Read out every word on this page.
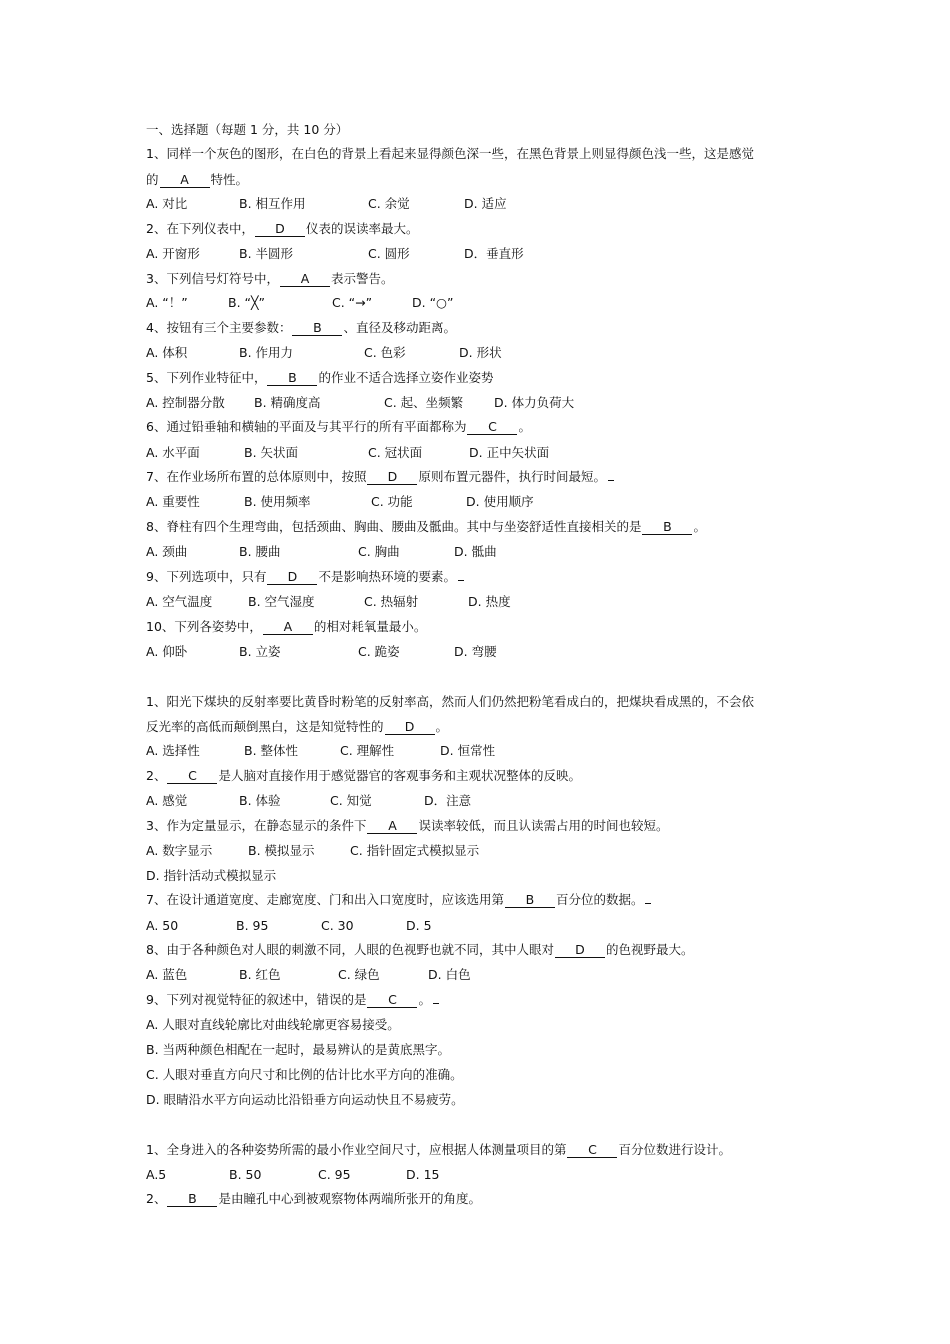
一、选择题（每题 1 分，共 10 分）
1、同样一个灰色的图形，在白色的背景上看起来显得颜色深一些，在黑色背景上则显得颜色浅一些，这是感觉
的 A 特性。
A. 对比	B. 相互作用	C. 余觉	D. 适应
2、在下列仪表中， D 仪表的误读率最大。
A. 开窗形	B. 半圆形	C. 圆形	D．垂直形
3、下列信号灯符号中， A 表示警告。
A. “！”	B. “╳”	C. “→”	D. “○”
4、按钮有三个主要参数： B 、直径及移动距离。
A. 体积	B. 作用力	C. 色彩	D. 形状
5、下列作业特征中， B 的作业不适合选择立姿作业姿势
A. 控制器分散 B. 精确度高	C. 起、坐频繁 D. 体力负荷大
6、通过铅垂轴和横轴的平面及与其平行的所有平面都称为 C 。
A. 水平面	B. 矢状面	C. 冠状面	D. 正中矢状面
7、在作业场所布置的总体原则中，按照 D 原则布置元器件，执行时间最短。
A. 重要性	B. 使用频率	C. 功能	D. 使用顺序
8、脊柱有四个生理弯曲，包括颈曲、胸曲、腰曲及骶曲。其中与坐姿舒适性直接相关的是 B 。
A. 颈曲	B. 腰曲	C. 胸曲	D. 骶曲
9、下列选项中，只有 D 不是影响热环境的要素。
A. 空气温度	B. 空气湿度	C. 热辐射	D. 热度
10、下列各姿势中， A 的相对耗氧量最小。
A. 仰卧	B. 立姿	C. 跪姿	D. 弯腰
1、阳光下煤块的反射率要比黄昏时粉笔的反射率高，然而人们仍然把粉笔看成白的，把煤块看成黑的，不会依
反光率的高低而颠倒黑白，这是知觉特性的 D 。
A. 选择性	B. 整体性	C. 理解性	D. 恒常性
2、 C 是人脑对直接作用于感觉器官的客观事务和主观状况整体的反映。
A. 感觉	B. 体验	C. 知觉	D．注意
3、作为定量显示，在静态显示的条件下 A 误读率较低，而且认读需占用的时间也较短。
A. 数字显示	B. 模拟显示	C. 指针固定式模拟显示
D. 指针活动式模拟显示
7、在设计通道宽度、走廊宽度、门和出入口宽度时，应该选用第 B 百分位的数据。
A. 50	B. 95	C. 30	D. 5
8、由于各种颜色对人眼的刺激不同，人眼的色视野也就不同，其中人眼对 D 的色视野最大。
A. 蓝色	B. 红色	C. 绿色	D. 白色
9、下列对视觉特征的叙述中，错误的是 C 。
A. 人眼对直线轮廓比对曲线轮廓更容易接受。
B. 当两种颜色相配在一起时，最易辨认的是黄底黑字。
C. 人眼对垂直方向尺寸和比例的估计比水平方向的准确。
D. 眼睛沿水平方向运动比沿铅垂方向运动快且不易疲劳。
1、全身进入的各种姿势所需的最小作业空间尺寸，应根据人体测量项目的第 C 百分位数进行设计。
A.5	B. 50	C. 95	D. 15
2、 B 是由瞳孔中心到被观察物体两端所张开的角度。
